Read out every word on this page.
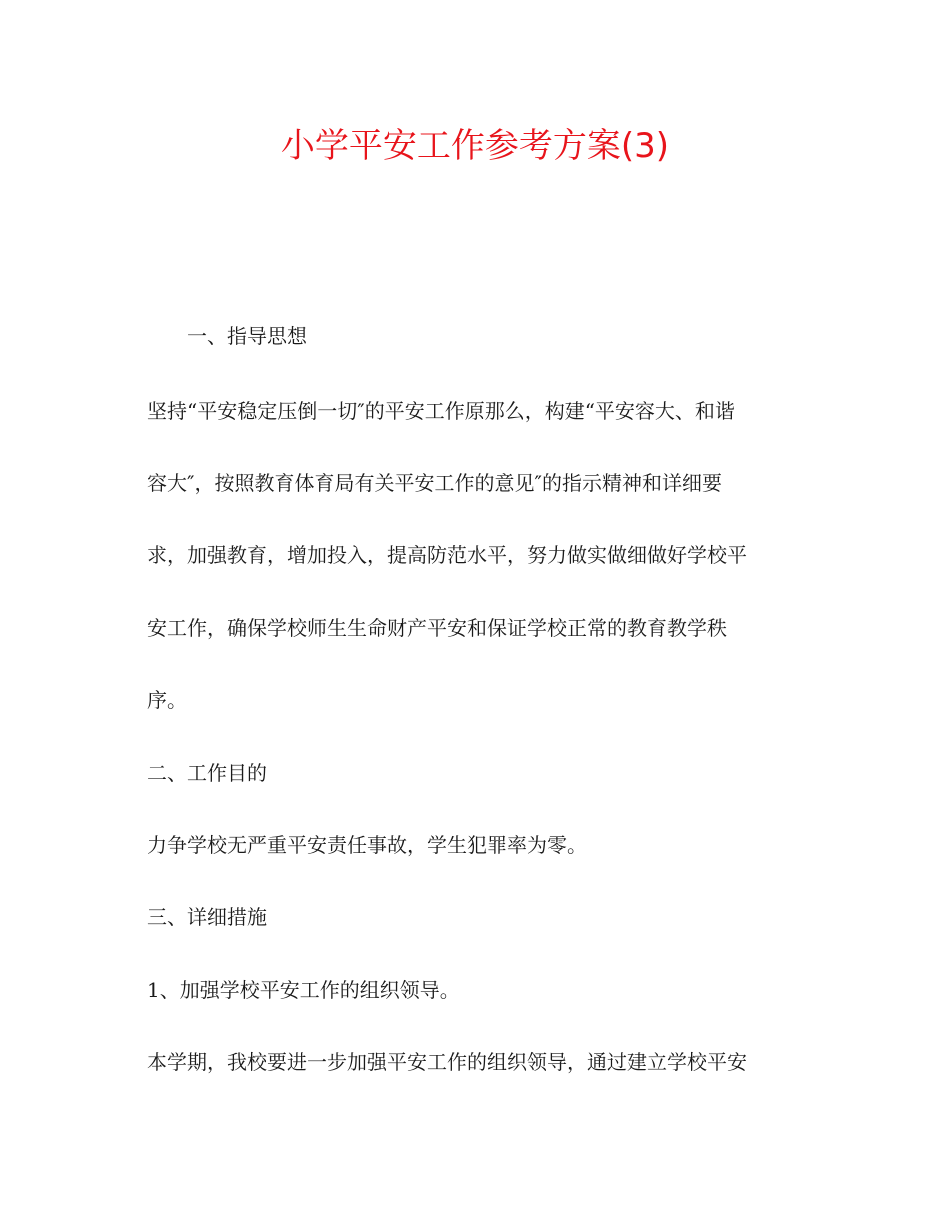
小学平安工作参考方案(3)
一、指导思想
坚持“平安稳定压倒一切″的平安工作原那么，构建“平安容大、和谐
容大″，按照教育体育局有关平安工作的意见″的指示精神和详细要
求，加强教育，增加投入，提高防范水平，努力做实做细做好学校平
安工作，确保学校师生生命财产平安和保证学校正常的教育教学秩
序。
二、工作目的
力争学校无严重平安责任事故，学生犯罪率为零。
三、详细措施
1、加强学校平安工作的组织领导。
本学期，我校要进一步加强平安工作的组织领导，通过建立学校平安
